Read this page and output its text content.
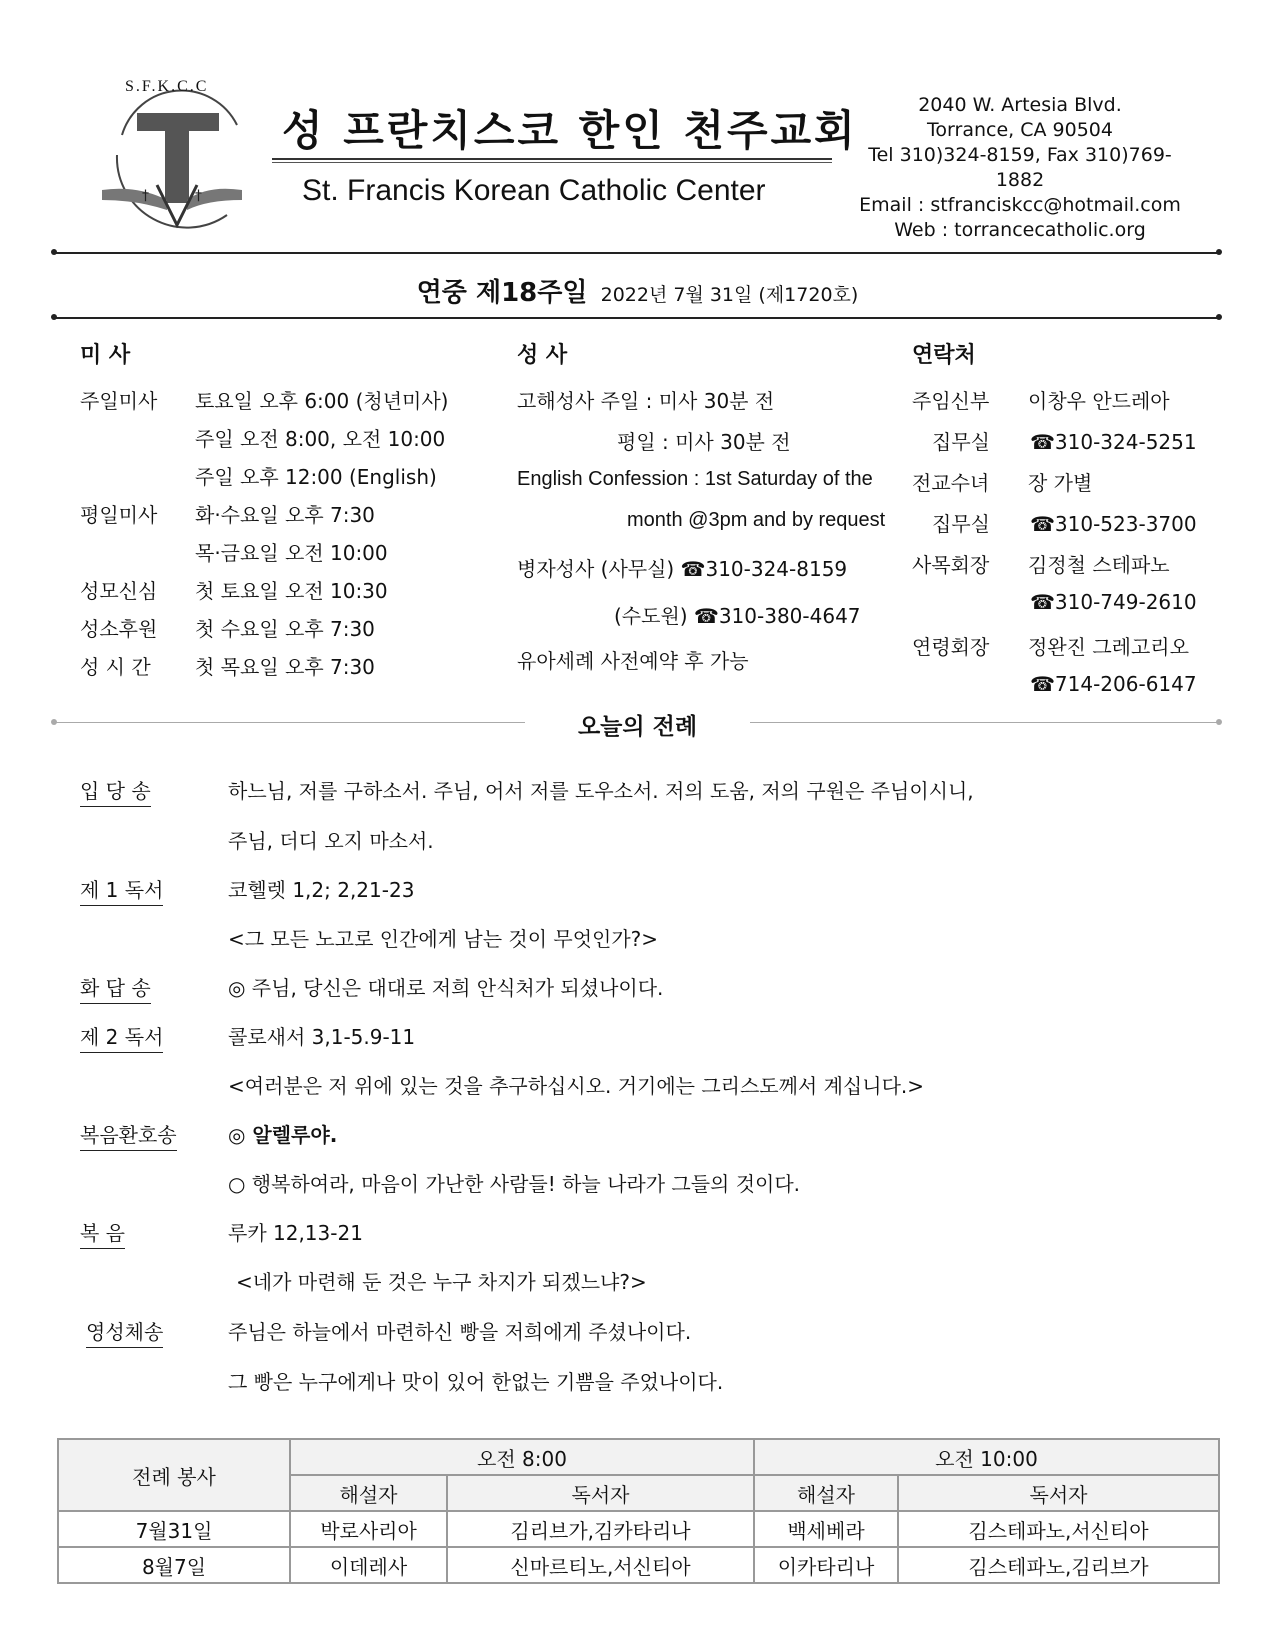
†	†
S.F.K.C.C
성 프란치스코 한인 천주교회
St. Francis Korean Catholic Center
2040 W. Artesia Blvd.
Torrance, CA 90504
Tel 310)324-8159, Fax 310)769-1882
Email : stfranciskcc@hotmail.com
Web : torrancecatholic.org
연중 제18주일 2022년 7월 31일 (제1720호)
미 사
주일미사 토요일 오후 6:00 (청년미사)
주일 오전 8:00, 오전 10:00
주일 오후 12:00 (English)
평일미사 화·수요일 오후 7:30
목·금요일 오전 10:00
성모신심 첫 토요일 오전 10:30
성소후원 첫 수요일 오후 7:30
성 시 간 첫 목요일 오후 7:30
성 사
고해성사 주일 : 미사 30분 전
평일 : 미사 30분 전
English Confession : 1st Saturday of the
month @3pm and by request
병자성사 (사무실) ☎310-324-8159
(수도원) ☎310-380-4647
유아세례 사전예약 후 가능
연락처
주임신부 이창우 안드레아
집무실 ☎310-324-5251
전교수녀 장 가별
집무실 ☎310-523-3700
사목회장 김정철 스테파노
☎310-749-2610
연령회장 정완진 그레고리오
☎714-206-6147
오늘의 전례
입 당 송	하느님, 저를 구하소서. 주님, 어서 저를 도우소서. 저의 도움, 저의 구원은 주님이시니,
주님, 더디 오지 마소서.
제 1 독서	코헬렛 1,2; 2,21-23
<그 모든 노고로 인간에게 남는 것이 무엇인가?>
화 답 송	◎ 주님, 당신은 대대로 저희 안식처가 되셨나이다.
제 2 독서	콜로새서 3,1-5.9-11
<여러분은 저 위에 있는 것을 추구하십시오. 거기에는 그리스도께서 계십니다.>
복음환호송	◎ 알렐루야.
○ 행복하여라, 마음이 가난한 사람들! 하늘 나라가 그들의 것이다.
복 음	루카 12,13-21
<네가 마련해 둔 것은 누구 차지가 되겠느냐?>
영성체송	주님은 하늘에서 마련하신 빵을 저희에게 주셨나이다.
그 빵은 누구에게나 맛이 있어 한없는 기쁨을 주었나이다.
전례 봉사	오전 8:00		오전 10:00	
	해설자	독서자	해설자	독서자
7월31일	박로사리아	김리브가,김카타리나	백세베라	김스테파노,서신티아
8월7일	이데레사	신마르티노,서신티아	이카타리나	김스테파노,김리브가
